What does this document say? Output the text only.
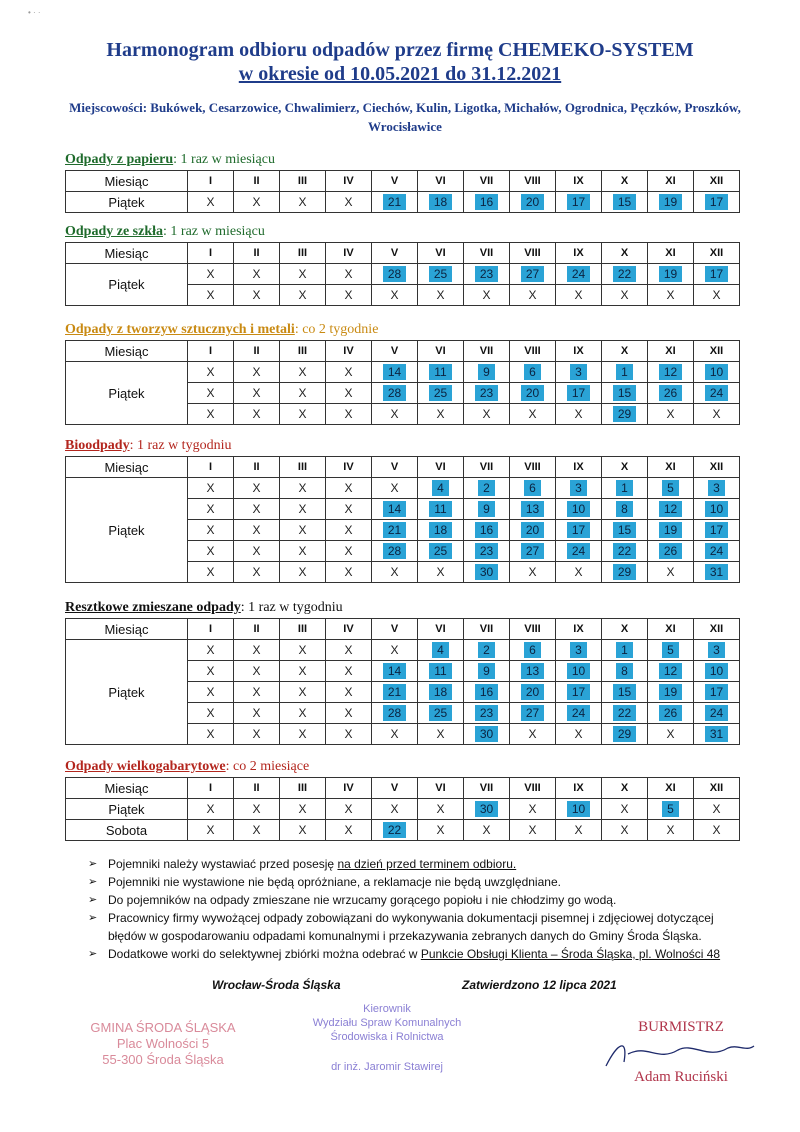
• · ·
Harmonogram odbioru odpadów przez firmę CHEMEKO-SYSTEM
w okresie od 10.05.2021 do 31.12.2021
Miejscowości: Bukówek, Cesarzowice, Chwalimierz, Ciechów, Kulin, Ligotka, Michałów, Ogrodnica, Pęczków, Proszków, Wrocisławice
Odpady z papieru: 1 raz w miesiącu
Miesiąc	I	II	III	IV	V	VI	VII	VIII	IX	X	XI	XII
Piątek	X	X	X	X	21	18	16	20	17	15	19	17
Odpady ze szkła: 1 raz w miesiącu
Miesiąc	I	II	III	IV	V	VI	VII	VIII	IX	X	XI	XII
Piątek	X	X	X	X	28	25	23	27	24	22	19	17
	X	X	X	X	X	X	X	X	X	X	X	X
Odpady z tworzyw sztucznych i metali: co 2 tygodnie
Miesiąc	I	II	III	IV	V	VI	VII	VIII	IX	X	XI	XII
Piątek	X	X	X	X	14	11	9	6	3	1	12	10
	X	X	X	X	28	25	23	20	17	15	26	24
	X	X	X	X	X	X	X	X	X	29	X	X
Bioodpady: 1 raz w tygodniu
Miesiąc	I	II	III	IV	V	VI	VII	VIII	IX	X	XI	XII
Piątek	X	X	X	X	X	4	2	6	3	1	5	3
	X	X	X	X	14	11	9	13	10	8	12	10
	X	X	X	X	21	18	16	20	17	15	19	17
	X	X	X	X	28	25	23	27	24	22	26	24
	X	X	X	X	X	X	30	X	X	29	X	31
Resztkowe zmieszane odpady: 1 raz w tygodniu
Miesiąc	I	II	III	IV	V	VI	VII	VIII	IX	X	XI	XII
Piątek	X	X	X	X	X	4	2	6	3	1	5	3
	X	X	X	X	14	11	9	13	10	8	12	10
	X	X	X	X	21	18	16	20	17	15	19	17
	X	X	X	X	28	25	23	27	24	22	26	24
	X	X	X	X	X	X	30	X	X	29	X	31
Odpady wielkogabarytowe: co 2 miesiące
Miesiąc	I	II	III	IV	V	VI	VII	VIII	IX	X	XI	XII
Piątek	X	X	X	X	X	X	30	X	10	X	5	X
Sobota	X	X	X	X	22	X	X	X	X	X	X	X
➢ Pojemniki należy wystawiać przed posesję na dzień przed terminem odbioru.
➢ Pojemniki nie wystawione nie będą opróżniane, a reklamacje nie będą uwzględniane.
➢ Do pojemników na odpady zmieszane nie wrzucamy gorącego popiołu i nie chłodzimy go wodą.
➢ Pracownicy firmy wywożącej odpady zobowiązani do wykonywania dokumentacji pisemnej i zdjęciowej dotyczącej błędów w gospodarowaniu odpadami komunalnymi i przekazywania zebranych danych do Gminy Środa Śląska.
➢ Dodatkowe worki do selektywnej zbiórki można odebrać w Punkcie Obsługi Klienta – Środa Śląska, pl. Wolności 48
Wrocław-Środa Śląska	Zatwierdzono 12 lipca 2021
GMINA ŚRODA ŚLĄSKA
Plac Wolności 5
55-300 Środa Śląska
Kierownik
Wydziału Spraw Komunalnych
Środowiska i Rolnictwa
dr inż. Jaromir Stawirej
BURMISTRZ
Adam Ruciński
